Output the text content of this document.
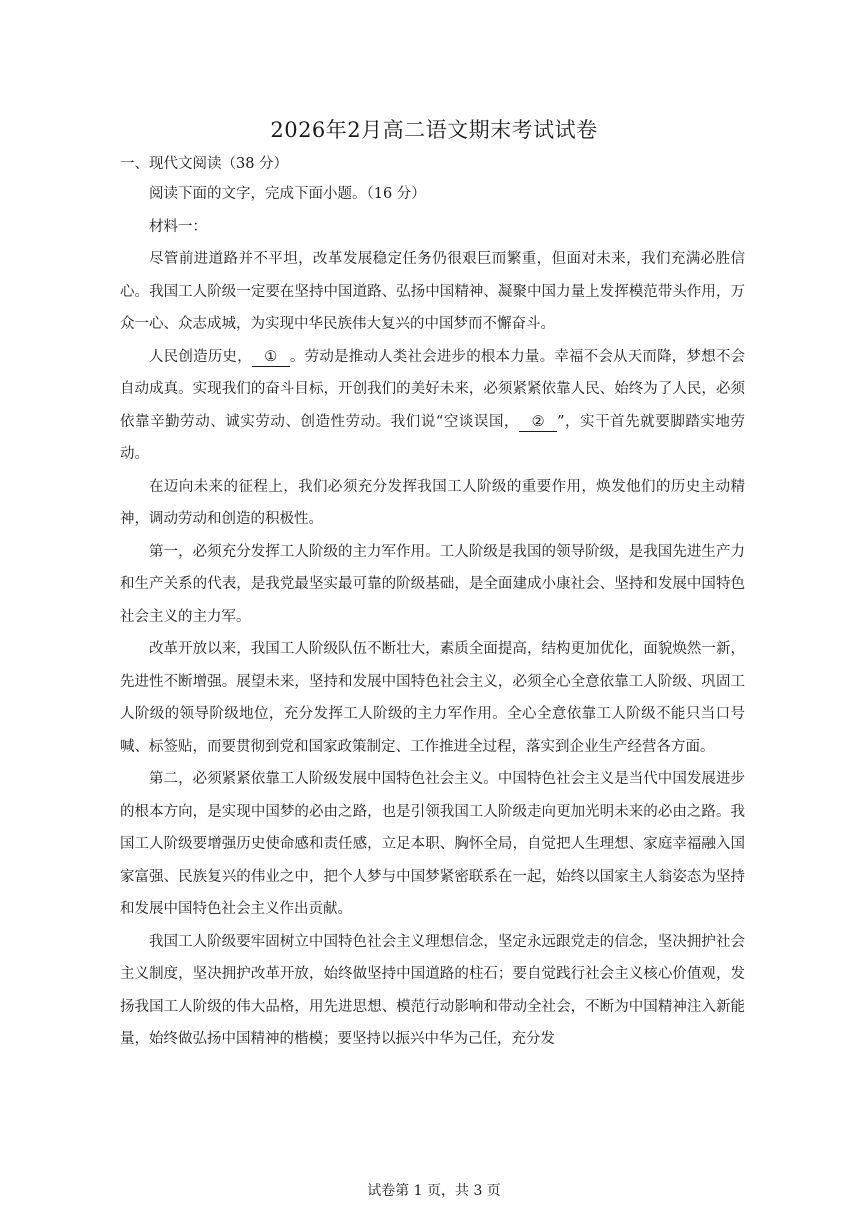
2026年2月高二语文期末考试试卷
一、现代文阅读（38 分）

阅读下面的文字，完成下面小题。（16 分）

材料一：

尽管前进道路并不平坦，改革发展稳定任务仍很艰巨而繁重，但面对未来，我们充满必胜信心。我国工人阶级一定要在坚持中国道路、弘扬中国精神、凝聚中国力量上发挥模范带头作用，万众一心、众志成城，为实现中华民族伟大复兴的中国梦而不懈奋斗。

人民创造历史， ① 。劳动是推动人类社会进步的根本力量。幸福不会从天而降，梦想不会自动成真。实现我们的奋斗目标，开创我们的美好未来，必须紧紧依靠人民、始终为了人民，必须依靠辛勤劳动、诚实劳动、创造性劳动。我们说“空谈误国， ② ”，实干首先就要脚踏实地劳动。

在迈向未来的征程上，我们必须充分发挥我国工人阶级的重要作用，焕发他们的历史主动精神，调动劳动和创造的积极性。

第一，必须充分发挥工人阶级的主力军作用。工人阶级是我国的领导阶级，是我国先进生产力和生产关系的代表，是我党最坚实最可靠的阶级基础，是全面建成小康社会、坚持和发展中国特色社会主义的主力军。

改革开放以来，我国工人阶级队伍不断壮大，素质全面提高，结构更加优化，面貌焕然一新，先进性不断增强。展望未来，坚持和发展中国特色社会主义，必须全心全意依靠工人阶级、巩固工人阶级的领导阶级地位，充分发挥工人阶级的主力军作用。全心全意依靠工人阶级不能只当口号喊、标签贴，而要贯彻到党和国家政策制定、工作推进全过程，落实到企业生产经营各方面。

第二，必须紧紧依靠工人阶级发展中国特色社会主义。中国特色社会主义是当代中国发展进步的根本方向，是实现中国梦的必由之路，也是引领我国工人阶级走向更加光明未来的必由之路。我国工人阶级要增强历史使命感和责任感，立足本职、胸怀全局，自觉把人生理想、家庭幸福融入国家富强、民族复兴的伟业之中，把个人梦与中国梦紧密联系在一起，始终以国家主人翁姿态为坚持和发展中国特色社会主义作出贡献。

我国工人阶级要牢固树立中国特色社会主义理想信念，坚定永远跟党走的信念，坚决拥护社会主义制度，坚决拥护改革开放，始终做坚持中国道路的柱石；要自觉践行社会主义核心价值观，发扬我国工人阶级的伟大品格，用先进思想、模范行动影响和带动全社会，不断为中国精神注入新能量，始终做弘扬中国精神的楷模；要坚持以振兴中华为己任，充分发

试卷第 1 页，共 3 页
